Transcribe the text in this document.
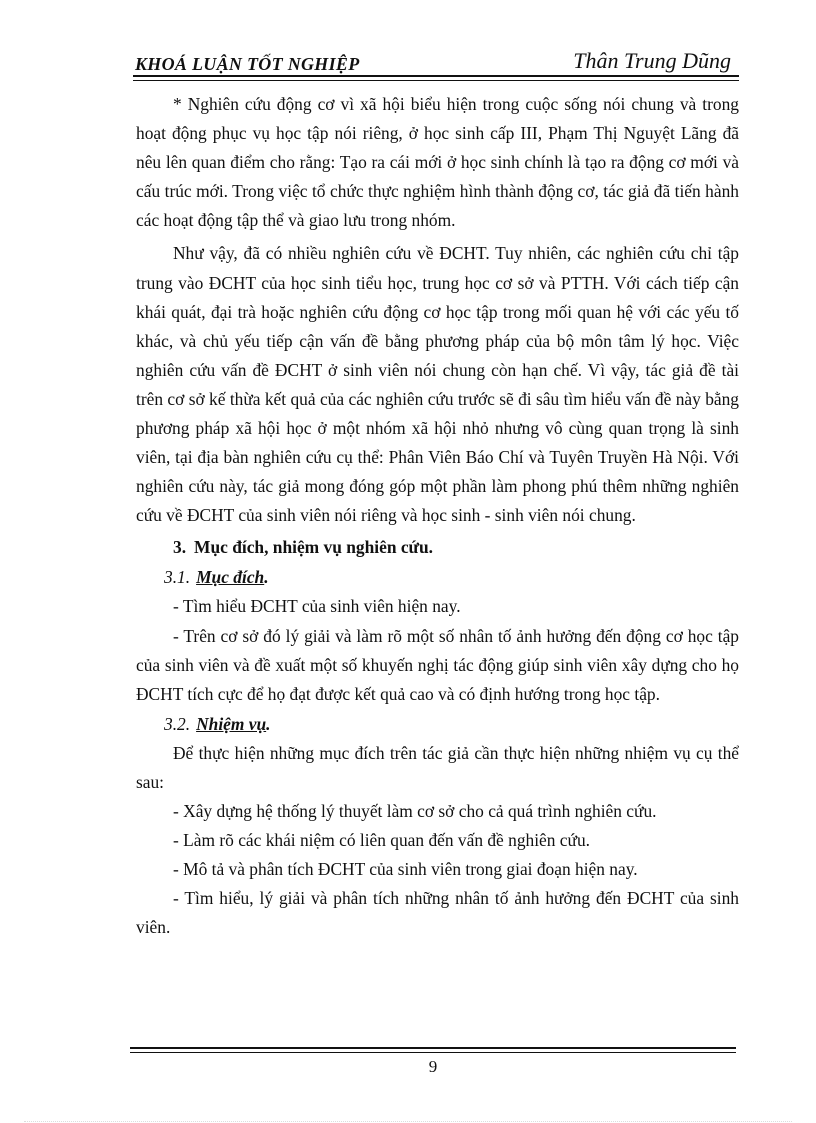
KHOÁ LUẬN TỐT NGHIỆP	Thân Trung Dũng

* Nghiên cứu động cơ vì xã hội biểu hiện trong cuộc sống nói chung và trong hoạt động phục vụ học tập nói riêng, ở học sinh cấp III, Phạm Thị Nguyệt Lãng đã nêu lên quan điểm cho rằng: Tạo ra cái mới ở học sinh chính là tạo ra động cơ mới và cấu trúc mới. Trong việc tổ chức thực nghiệm hình thành động cơ, tác giả đã tiến hành các hoạt động tập thể và giao lưu trong nhóm.

Như vậy, đã có nhiều nghiên cứu về ĐCHT. Tuy nhiên, các nghiên cứu chỉ tập trung vào ĐCHT của học sinh tiểu học, trung học cơ sở và PTTH. Với cách tiếp cận khái quát, đại trà hoặc nghiên cứu động cơ học tập trong mối quan hệ với các yếu tố khác, và chủ yếu tiếp cận vấn đề bằng phương pháp của bộ môn tâm lý học. Việc nghiên cứu vấn đề ĐCHT ở sinh viên nói chung còn hạn chế. Vì vậy, tác giả đề tài trên cơ sở kế thừa kết quả của các nghiên cứu trước sẽ đi sâu tìm hiểu vấn đề này bằng phương pháp xã hội học ở một nhóm xã hội nhỏ nhưng vô cùng quan trọng là sinh viên, tại địa bàn nghiên cứu cụ thể: Phân Viên Báo Chí và Tuyên Truyền Hà Nội. Với nghiên cứu này, tác giả mong đóng góp một phần làm phong phú thêm những nghiên cứu về ĐCHT của sinh viên nói riêng và học sinh - sinh viên nói chung.

3. Mục đích, nhiệm vụ nghiên cứu.
3.1. Mục đích.

- Tìm hiểu ĐCHT của sinh viên hiện nay.

- Trên cơ sở đó lý giải và làm rõ một số nhân tố ảnh hưởng đến động cơ học tập của sinh viên và đề xuất một số khuyến nghị tác động giúp sinh viên xây dựng cho họ ĐCHT tích cực để họ đạt được kết quả cao và có định hướng trong học tập.

3.2. Nhiệm vụ.

Để thực hiện những mục đích trên tác giả cần thực hiện những nhiệm vụ cụ thể sau:

- Xây dựng hệ thống lý thuyết làm cơ sở cho cả quá trình nghiên cứu.

- Làm rõ các khái niệm có liên quan đến vấn đề nghiên cứu.

- Mô tả và phân tích ĐCHT của sinh viên trong giai đoạn hiện nay.

- Tìm hiểu, lý giải và phân tích những nhân tố ảnh hưởng đến ĐCHT của sinh viên.

9
